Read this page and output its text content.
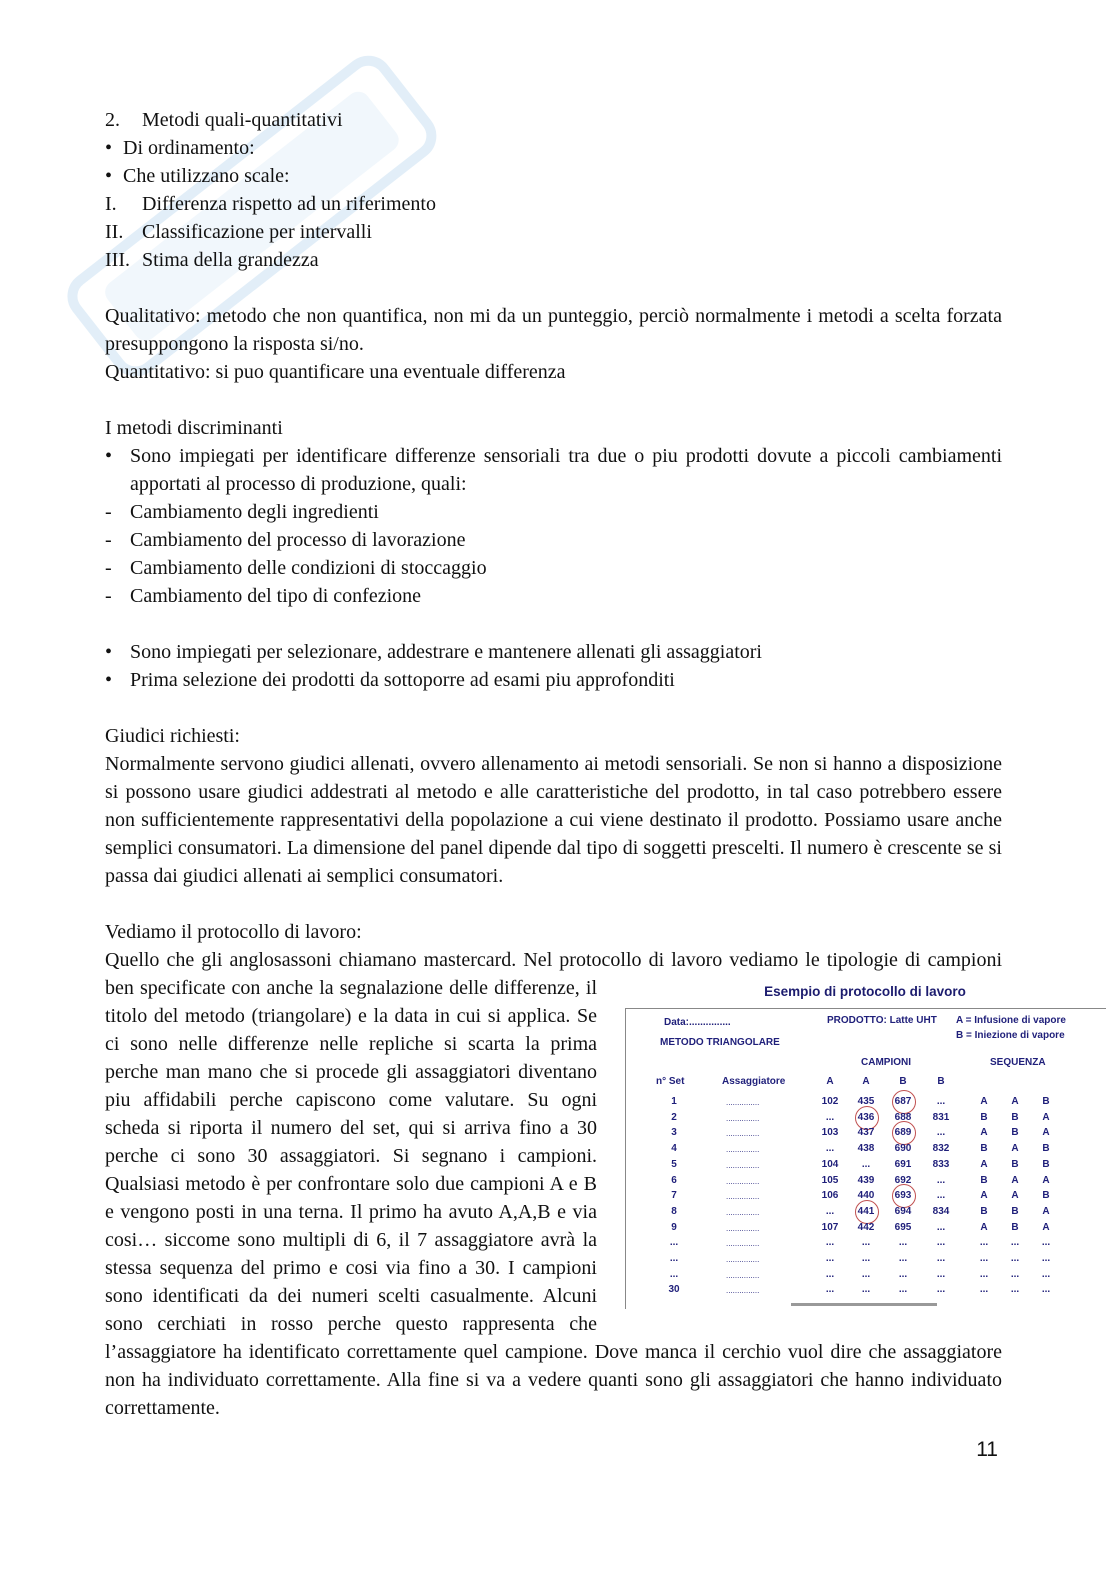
2.	Metodi quali-quantitativi
• Di ordinamento:
• Che utilizzano scale:
I.	Differenza rispetto ad un riferimento
II. Classificazione per intervalli
III. Stima della grandezza

Qualitativo: metodo che non quantifica, non mi da un punteggio, perciò normalmente i metodi a scelta forzata presuppongono la risposta si/no.

Quantitativo: si puo quantificare una eventuale differenza

I metodi discriminanti

• Sono impiegati per identificare differenze sensoriali tra due o piu prodotti dovute a piccoli cambiamenti apportati al processo di produzione, quali:
- Cambiamento degli ingredienti
- Cambiamento del processo di lavorazione
- Cambiamento delle condizioni di stoccaggio
- Cambiamento del tipo di confezione
• Sono impiegati per selezionare, addestrare e mantenere allenati gli assaggiatori
• Prima selezione dei prodotti da sottoporre ad esami piu approfonditi

Giudici richiesti:

Normalmente servono giudici allenati, ovvero allenamento ai metodi sensoriali. Se non si hanno a disposizione si possono usare giudici addestrati al metodo e alle caratteristiche del prodotto, in tal caso potrebbero essere non sufficientemente rappresentativi della popolazione a cui viene destinato il prodotto. Possiamo usare anche semplici consumatori. La dimensione del panel dipende dal tipo di soggetti prescelti. Il numero è crescente se si passa dai giudici allenati ai semplici consumatori.

Vediamo il protocollo di lavoro:

Esempio di protocollo di lavoro
Data:...............
METODO TRIANGOLARE
PRODOTTO: Latte UHT A = Infusione di vapore
B = Iniezione di vapore
CAMPIONI	SEQUENZA
n° Set	Assaggiatore	A	A	B	B
1	...............	102	435	687	...	A	A	B
2	...............	...	436	688	831	B	B	A
3	...............	103	437	689	...	A	B	A
4	...............	...	438	690	832	B	A	B
5	...............	104	...	691	833	A	B	B
6	...............	105	439	692	...	B	A	A
7	...............	106	440	693	...	A	A	B
8	...............	...	441	694	834	B	B	A
9	...............	107	442	695	...	A	B	A
...	...............	...	...	...	...	...	...	...
...	...............	...	...	...	...	...	...	...
...	...............	...	...	...	...	...	...	...
30	...............	...	...	...	...	...	...	...

Quello che gli anglosassoni chiamano mastercard. Nel protocollo di lavoro vediamo le tipologie di campioni ben specificate con anche la segnalazione delle differenze, il titolo del metodo (triangolare) e la data in cui si applica. Se ci sono nelle differenze nelle repliche si scarta la prima perche man mano che si procede gli assaggiatori diventano piu affidabili perche capiscono come valutare. Su ogni scheda si riporta il numero del set, qui si arriva fino a 30 perche ci sono 30 assaggiatori. Si segnano i campioni. Qualsiasi metodo è per confrontare solo due campioni A e B e vengono posti in una terna. Il primo ha avuto A,A,B e via cosi… siccome sono multipli di 6, il 7 assaggiatore avrà la stessa sequenza del primo e cosi via fino a 30. I campioni sono identificati da dei numeri scelti casualmente. Alcuni sono cerchiati in rosso perche questo rappresenta che l’assaggiatore ha identificato correttamente quel campione. Dove manca il cerchio vuol dire che assaggiatore non ha individuato correttamente. Alla fine si va a vedere quanti sono gli assaggiatori che hanno individuato correttamente.

11
